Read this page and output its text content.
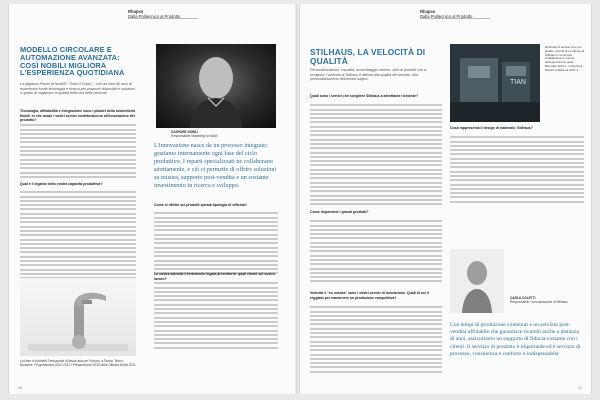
Rhapso
Dalla Politecnico al Prodotto
MODELLO CIRCOLARE E AUTOMAZIONE AVANZATA: COSÌ NOBILI MIGLIORA L'ESPERIENZA QUOTIDIANA
La pigiatura Power di Nobili®: "Sotto il Cristo"... che ad oltre 60 anni di esperienza fonde tecnologia e ricerca per proporre dispositivi e soluzioni in grado di migliorare la qualità della vita delle persone.
Tecnologia, affidabilità e integrazione sono i pilastri della rubinetteria Nobili. In che modo i vostri servizi contribuiscono all'innovazione del prodotto?
Qual è il legame dello vostra capacità produttiva?
GASPARE NOBILI
Responsabile Marketing di Nobili
L'innovazione nasce da un processo integrato: gestiamo internamente ogni fase del ciclo produttivo. I reparti specializzati ne collaborano strettamente, e ciò ci permette di offrire soluzioni su misura, supporto post-vendita e un costante investimento in ricerca e sviluppo.
Come si riflette sul prodotti questa tipologia di officina?
La vostra azienda è fortemente legata al territorio: quali ritorni sul vostro lavoro?
La linea di rubinetti Frescacanti di fascia alta per il futuro, a Tamar, Tecno, Bauserie. Progettazione 2020-2021 / Preparazione 2020 della Officina Nobili 2021
16
Rhapso
Dalla Politecnico al Prodotto
STILHAUS, LA VELOCITÀ DI QUALITÀ
Personalizzazione, visualità, assemblaggio interno: oltre ai prodotti che si scelgono, l'azienda di Stilhaus è attenta alla qualità del servizio, alla personalizzazione dell'arredo bagno.
Quali sono i servizi che scegliere Stilhaus a altrettante richieste?
Come rispondete i grandi prodotti?
Velocità e "su misura" sono i vostri servizi di lavorazione. Quali di voi il reggiato per mantenere un produzione competitiva?
TIAN
Rubinetti di acciaio inox per lavabo, doccia di un cliente di Stilhaus in un'ampia installazione in cucina dell'esposizione della Biennale 2021-1. Collezione 2020-5 Collezioni 2021-1
Cosa rappresenta il design di materiale, Stilhaus?
CARLA COLETTI
Responsabile Comunicazione di Stilhaus
Con tempi di produzione contenuti e un servizio post-vendita affidabile che garantisce ricambi anche a distanza di anni, assicuriamo un supporto di fiducia costante con i clienti. Il servizio di prodotto è importante ed è servizio di processo, consulenza e conforto e indispensabile
17
